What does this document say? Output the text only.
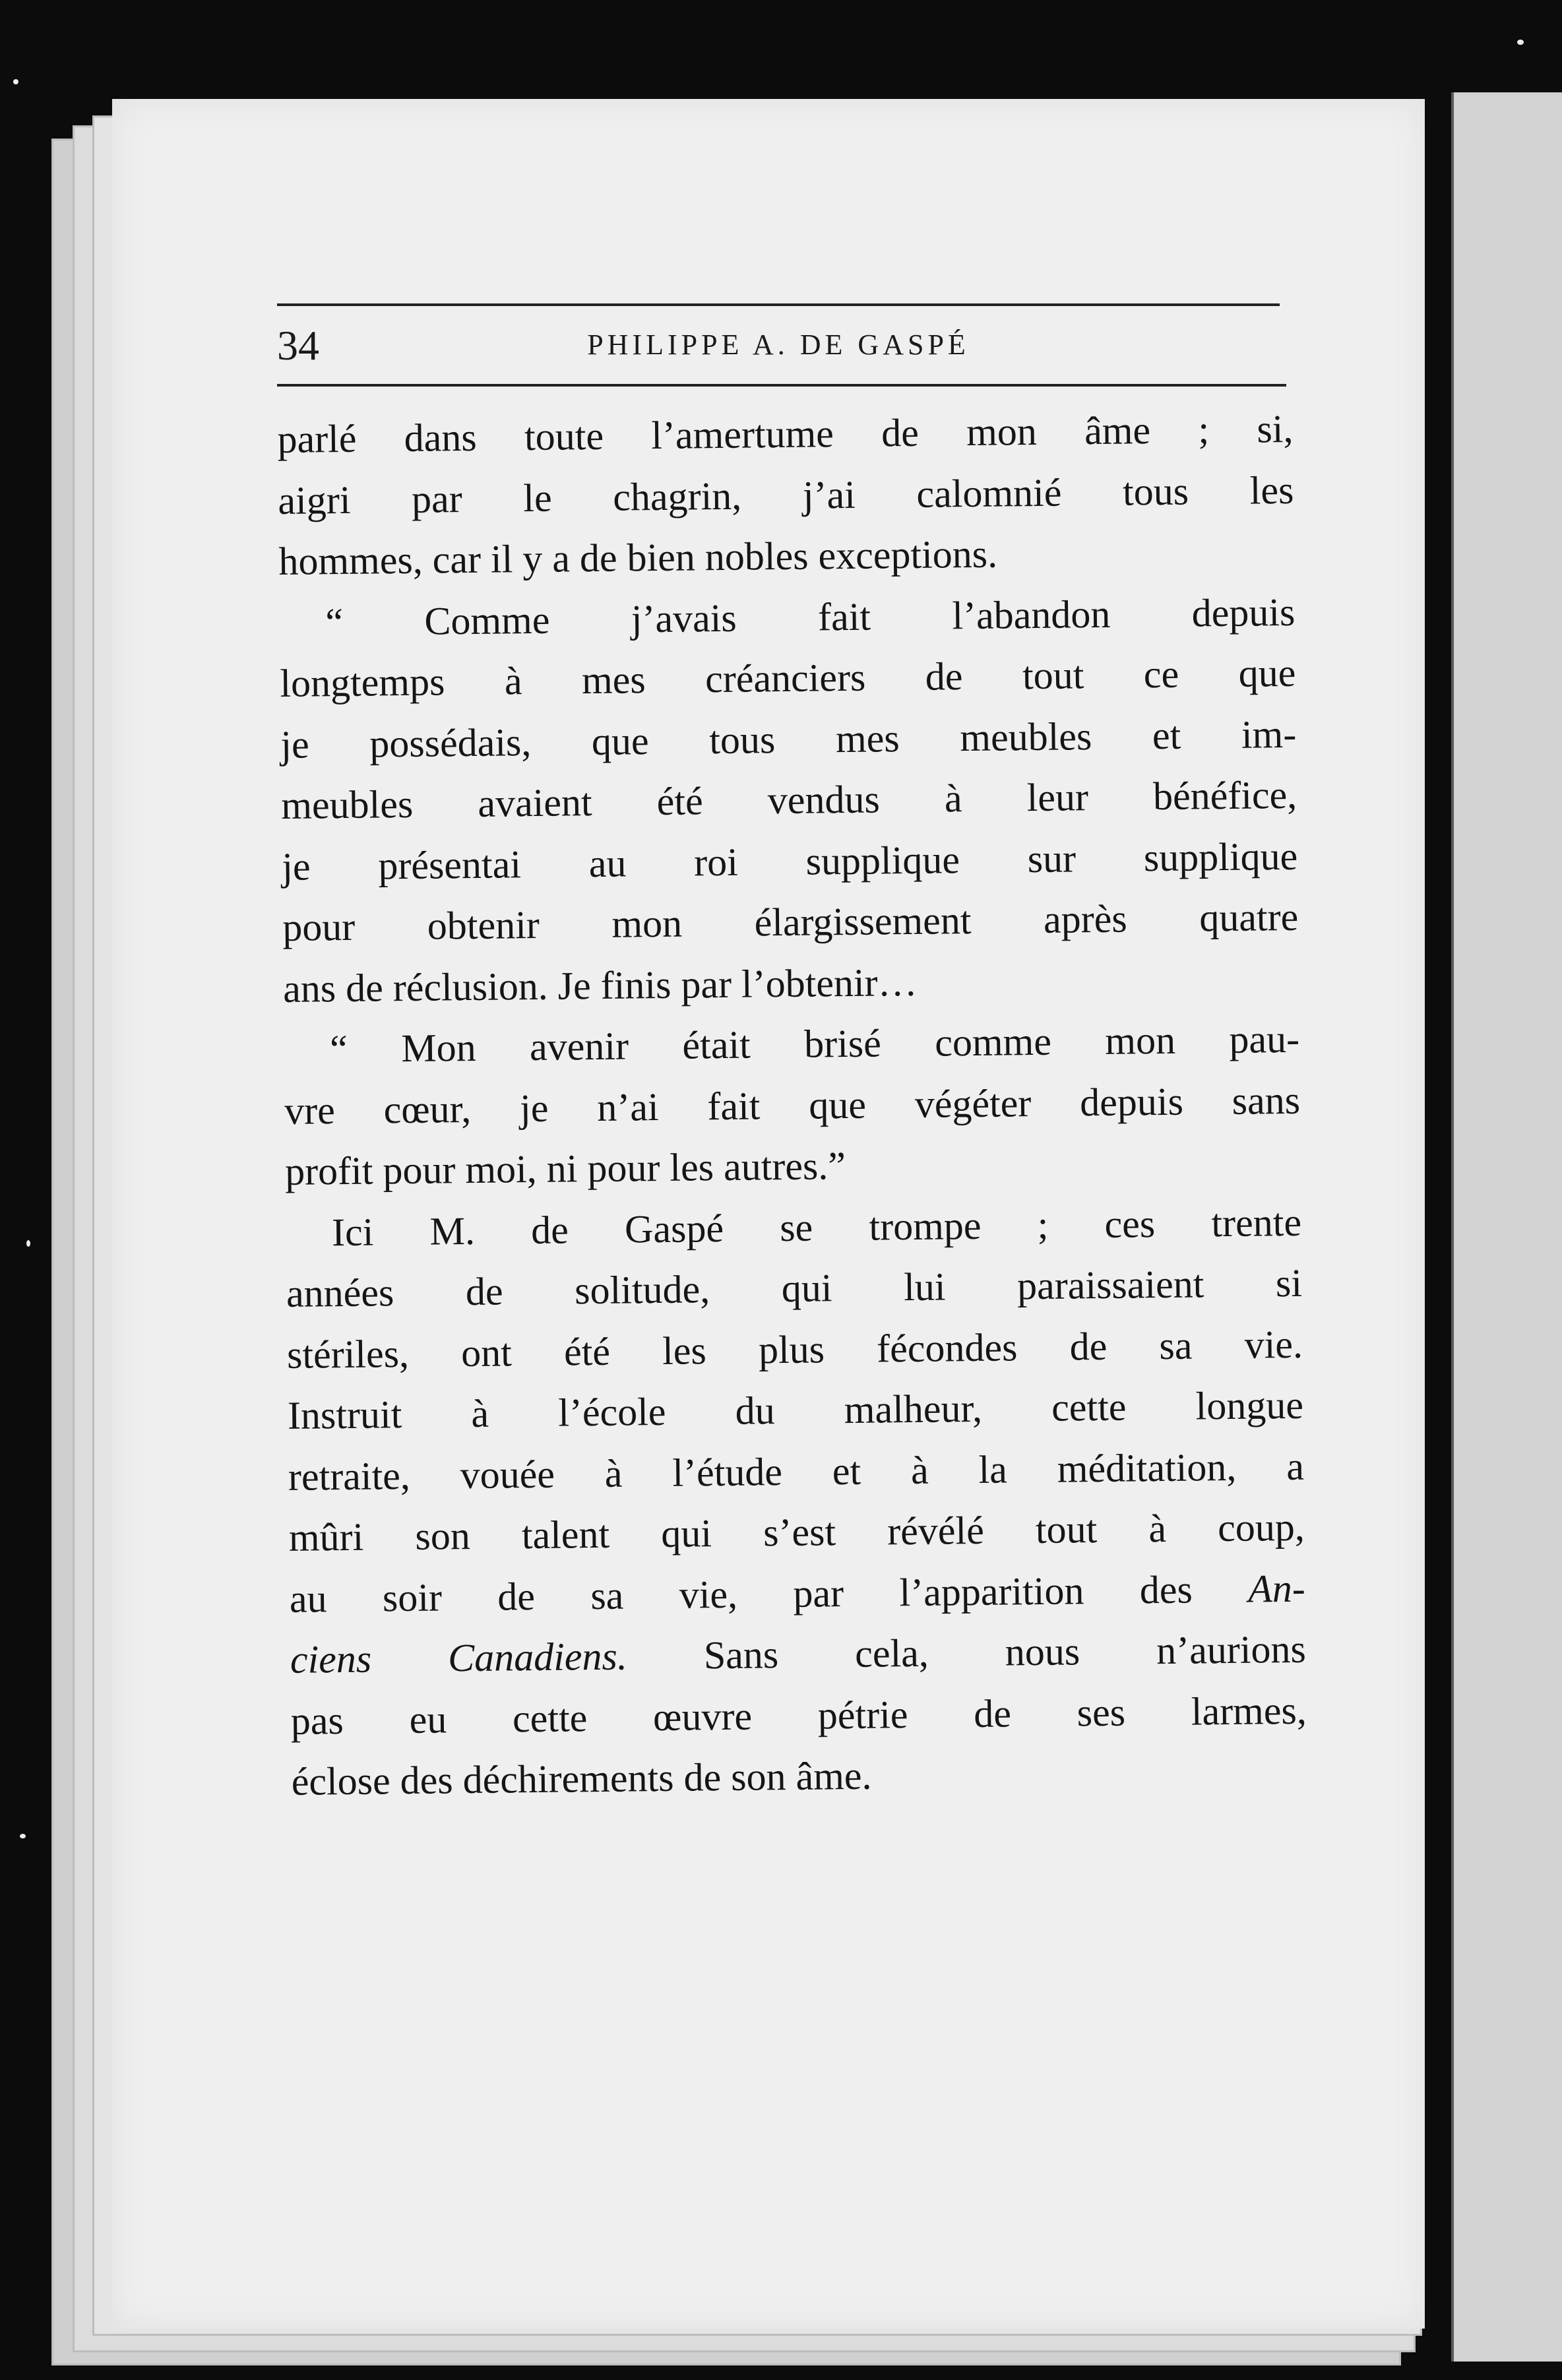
34	PHILIPPE A. DE GASPÉ
parlé dans toute l’amertume de mon âme ; si,
aigri par le chagrin, j’ai calomnié tous les
hommes, car il y a de bien nobles exceptions.
“ Comme j’avais fait l’abandon depuis
longtemps à mes créanciers de tout ce que
je possédais, que tous mes meubles et im-
meubles avaient été vendus à leur bénéfice,
je présentai au roi supplique sur supplique
pour obtenir mon élargissement après quatre
ans de réclusion. Je finis par l’obtenir…
“ Mon avenir était brisé comme mon pau-
vre cœur, je n’ai fait que végéter depuis sans
profit pour moi, ni pour les autres.”
Ici M. de Gaspé se trompe ; ces trente
années de solitude, qui lui paraissaient si
stériles, ont été les plus fécondes de sa vie.
Instruit à l’école du malheur, cette longue
retraite, vouée à l’étude et à la méditation, a
mûri son talent qui s’est révélé tout à coup,
au soir de sa vie, par l’apparition des An-
ciens Canadiens. Sans cela, nous n’aurions
pas eu cette œuvre pétrie de ses larmes,
éclose des déchirements de son âme.
